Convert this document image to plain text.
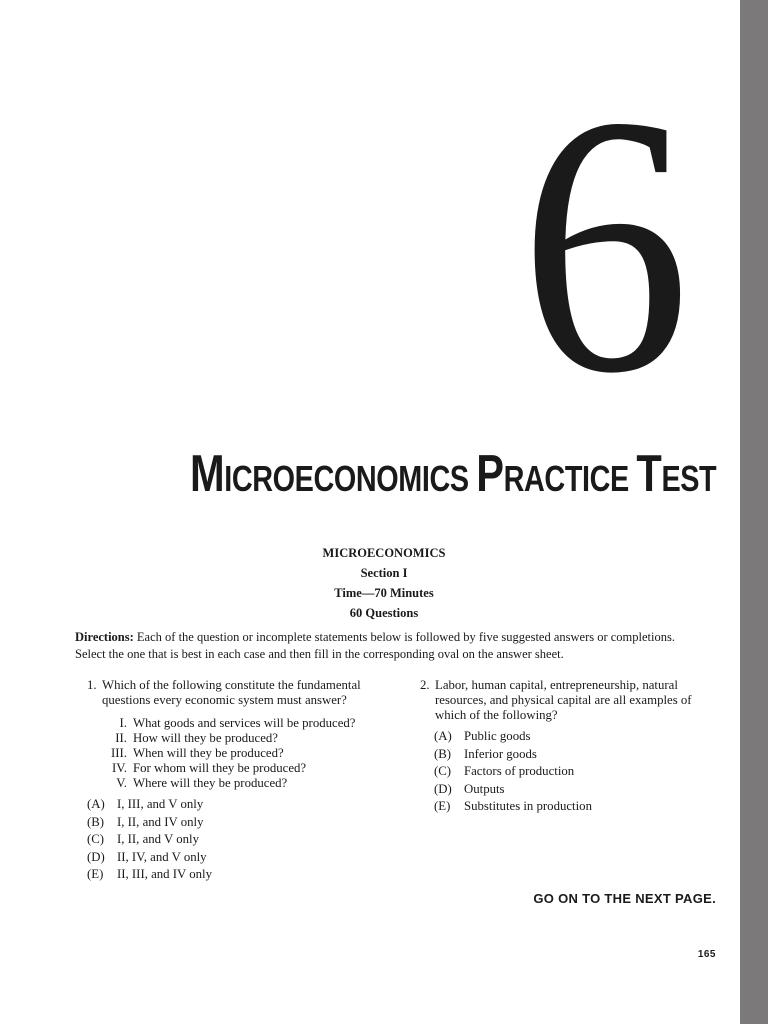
6
MICROECONOMICS PRACTICE TEST
MICROECONOMICS
Section I
Time—70 Minutes
60 Questions
Directions: Each of the question or incomplete statements below is followed by five suggested answers or completions. Select the one that is best in each case and then fill in the corresponding oval on the answer sheet.
1. Which of the following constitute the fundamental questions every economic system must answer?
I. What goods and services will be produced?
II. How will they be produced?
III. When will they be produced?
IV. For whom will they be produced?
V. Where will they be produced?
(A) I, III, and V only
(B)	I, II, and IV only
(C)	I, II, and V only
(D) II, IV, and V only
(E)	II, III, and IV only
2. Labor, human capital, entrepreneurship, natural resources, and physical capital are all examples of which of the following?
(A) Public goods
(B)	Inferior goods
(C)	Factors of production
(D) Outputs
(E)	Substitutes in production
GO ON TO THE NEXT PAGE.
165
